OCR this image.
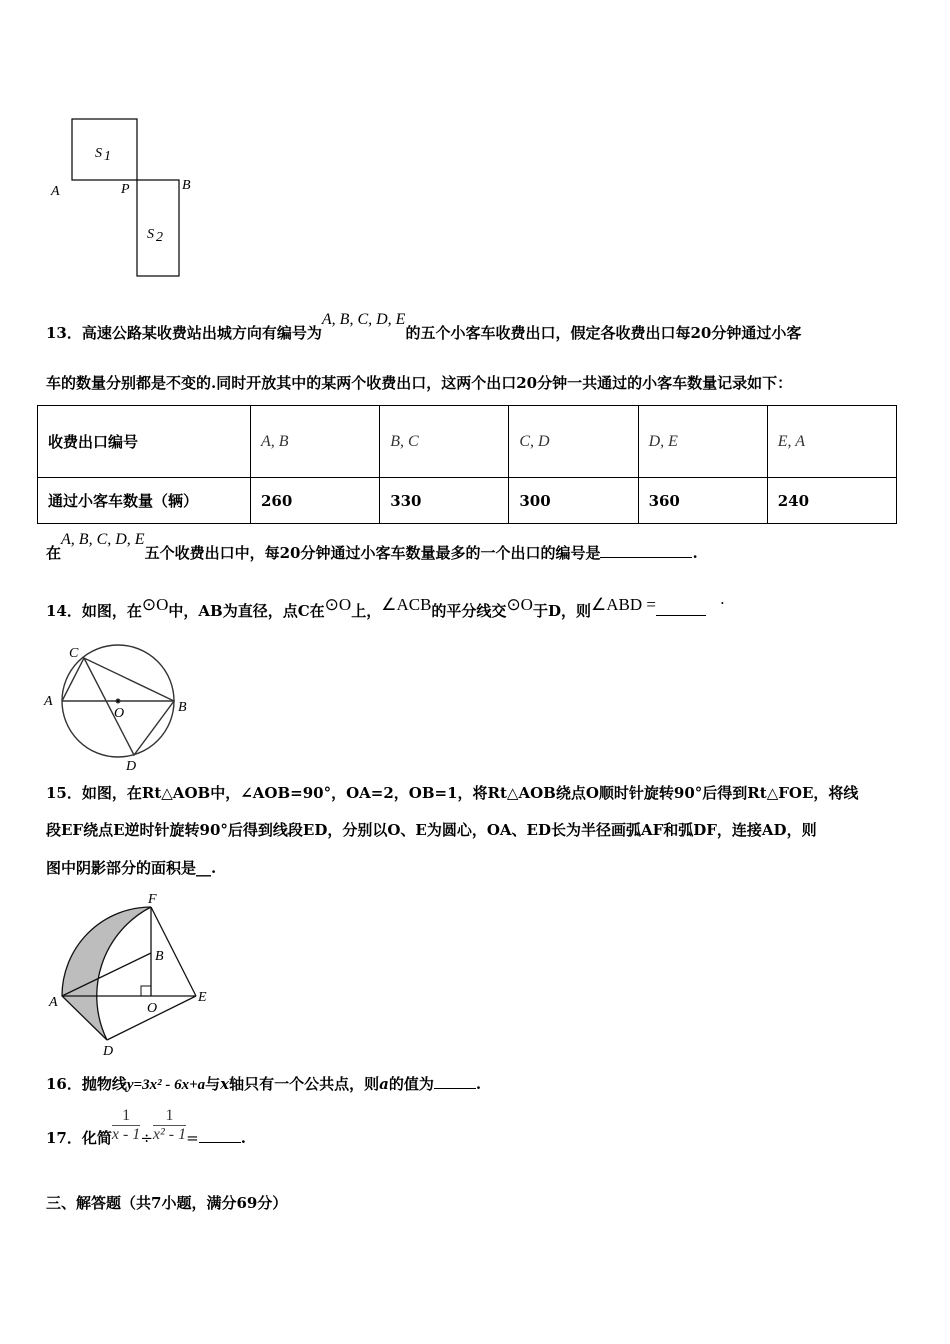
S 1
S 2
A	P	B
A	B
C
D
O
F
B
A	O
E
D
13．高速公路某收费站出城方向有编号为A, B, C, D, E的五个小客车收费出口，假定各收费出口每20分钟通过小客
车的数量分别都是不变的.同时开放其中的某两个收费出口，这两个出口20分钟一共通过的小客车数量记录如下：
收费出口编号	A, B	B, C	C, D	D, E	E, A
通过小客车数量（辆）	260	330	300	360	240
在A, B, C, D, E五个收费出口中，每20分钟通过小客车数量最多的一个出口的编号是	.
14．如图，在⊙O中，AB为直径，点C在⊙O上，∠ACB的平分线交⊙O于D，则∠ABD =	·
15．如图，在Rt△AOB中，∠AOB=90°，OA=2，OB=1，将Rt△AOB绕点O顺时针旋转90°后得到Rt△FOE，将线
段EF绕点E逆时针旋转90°后得到线段ED，分别以O、E为圆心，OA、ED长为半径画弧AF和弧DF，连接AD，则
图中阴影部分的面积是__.
16．抛物线y=3x² - 6x+a与x轴只有一个公共点，则a的值为	.
17．化简 $\frac{1}{x - 1} \div \frac{1}{\text{x² - 1}}$ =	.
三、解答题（共7小题，满分69分）
